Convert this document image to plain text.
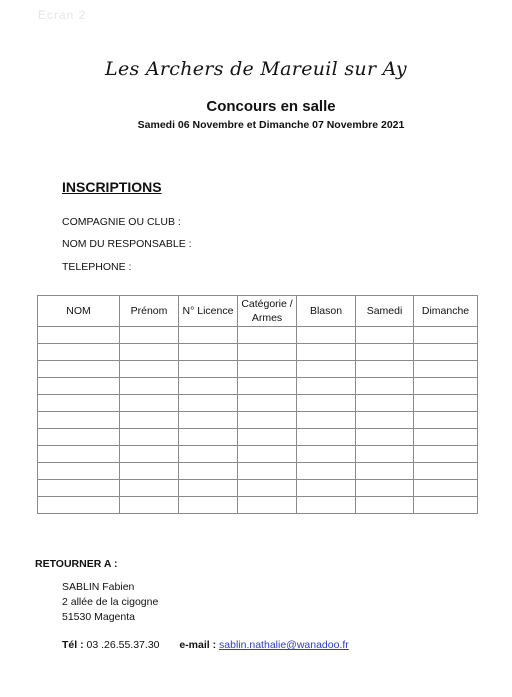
Ecran 2
Les Archers de Mareuil sur Ay
Concours en salle
Samedi 06 Novembre et Dimanche 07 Novembre 2021
INSCRIPTIONS
COMPAGNIE OU CLUB :
NOM DU RESPONSABLE :
TELEPHONE :
NOM	Prénom	N° Licence	Catégorie / Armes	Blason	Samedi	Dimanche

RETOURNER A :
SABLIN Fabien
2 allée de la cigogne
51530 Magenta
Tél : 03 .26.55.37.30 e-mail : sablin.nathalie@wanadoo.fr
